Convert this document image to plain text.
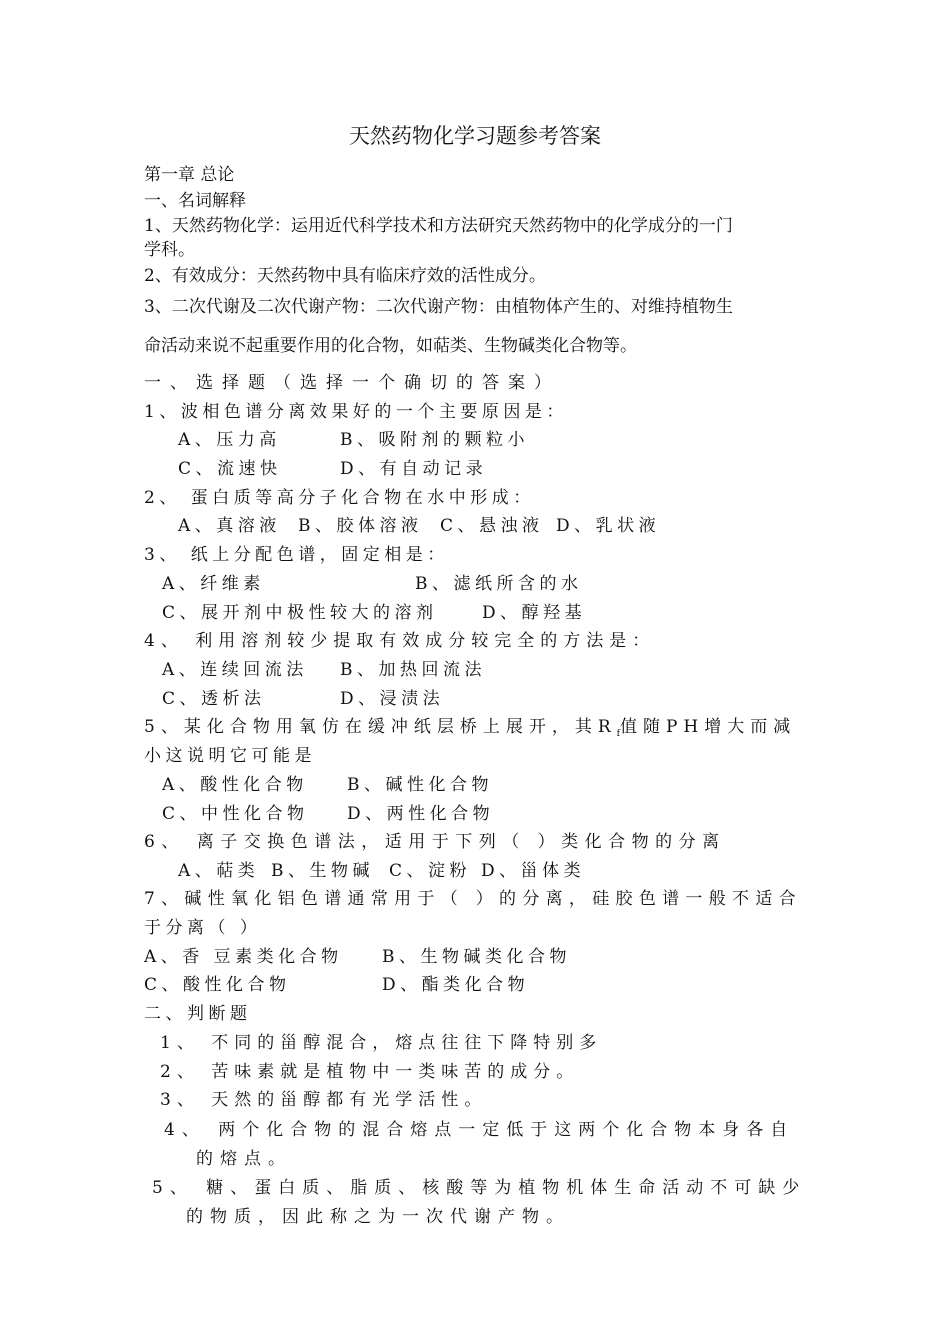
天然药物化学习题参考答案
第一章 总论
一、名词解释
1、天然药物化学：运用近代科学技术和方法研究天然药物中的化学成分的一门
学科。
2、有效成分：天然药物中具有临床疗效的活性成分。
3、二次代谢及二次代谢产物：二次代谢产物：由植物体产生的、对维持植物生
命活动来说不起重要作用的化合物，如萜类、生物碱类化合物等。
一、选择题（选择一个确切的答案）
1、波相色谱分离效果好的一个主要原因是：
A、压力高	B、吸附剂的颗粒小
C、流速快	D、有自动记录
2、 蛋白质等高分子化合物在水中形成：
A、真溶液 B、胶体溶液 C、悬浊液 D、乳状液
3、 纸上分配色谱，固定相是：
A、纤维素	B、滤纸所含的水
C、展开剂中极性较大的溶剂	D、醇羟基
4、 利用溶剂较少提取有效成分较完全的方法是：
A、连续回流法 B、加热回流法
C、透析法	D、浸渍法
5、某化合物用氧仿在缓冲纸层桥上展开，其$R_f$值随PH增大而减
小这说明它可能是
A、酸性化合物 B、碱性化合物
C、中性化合物 D、两性化合物
6、 离子交换色谱法，适用于下列（ ）类化合物的分离
A、萜类 B、生物碱 C、淀粉 D、甾体类
7、碱性氧化铝色谱通常用于（ ）的分离，硅胶色谱一般不适合
于分离（ ）
A、香 豆素类化合物 B、生物碱类化合物
C、酸性化合物	D、酯类化合物
二、判断题
1、 不同的甾醇混合，熔点往往下降特别多
2、 苦味素就是植物中一类味苦的成分。
3、 天然的甾醇都有光学活性。
4、 两个化合物的混合熔点一定低于这两个化合物本身各自
的熔点。
5、 糖、蛋白质、脂质、核酸等为植物机体生命活动不可缺少
的物质，因此称之为一次代谢产物。
